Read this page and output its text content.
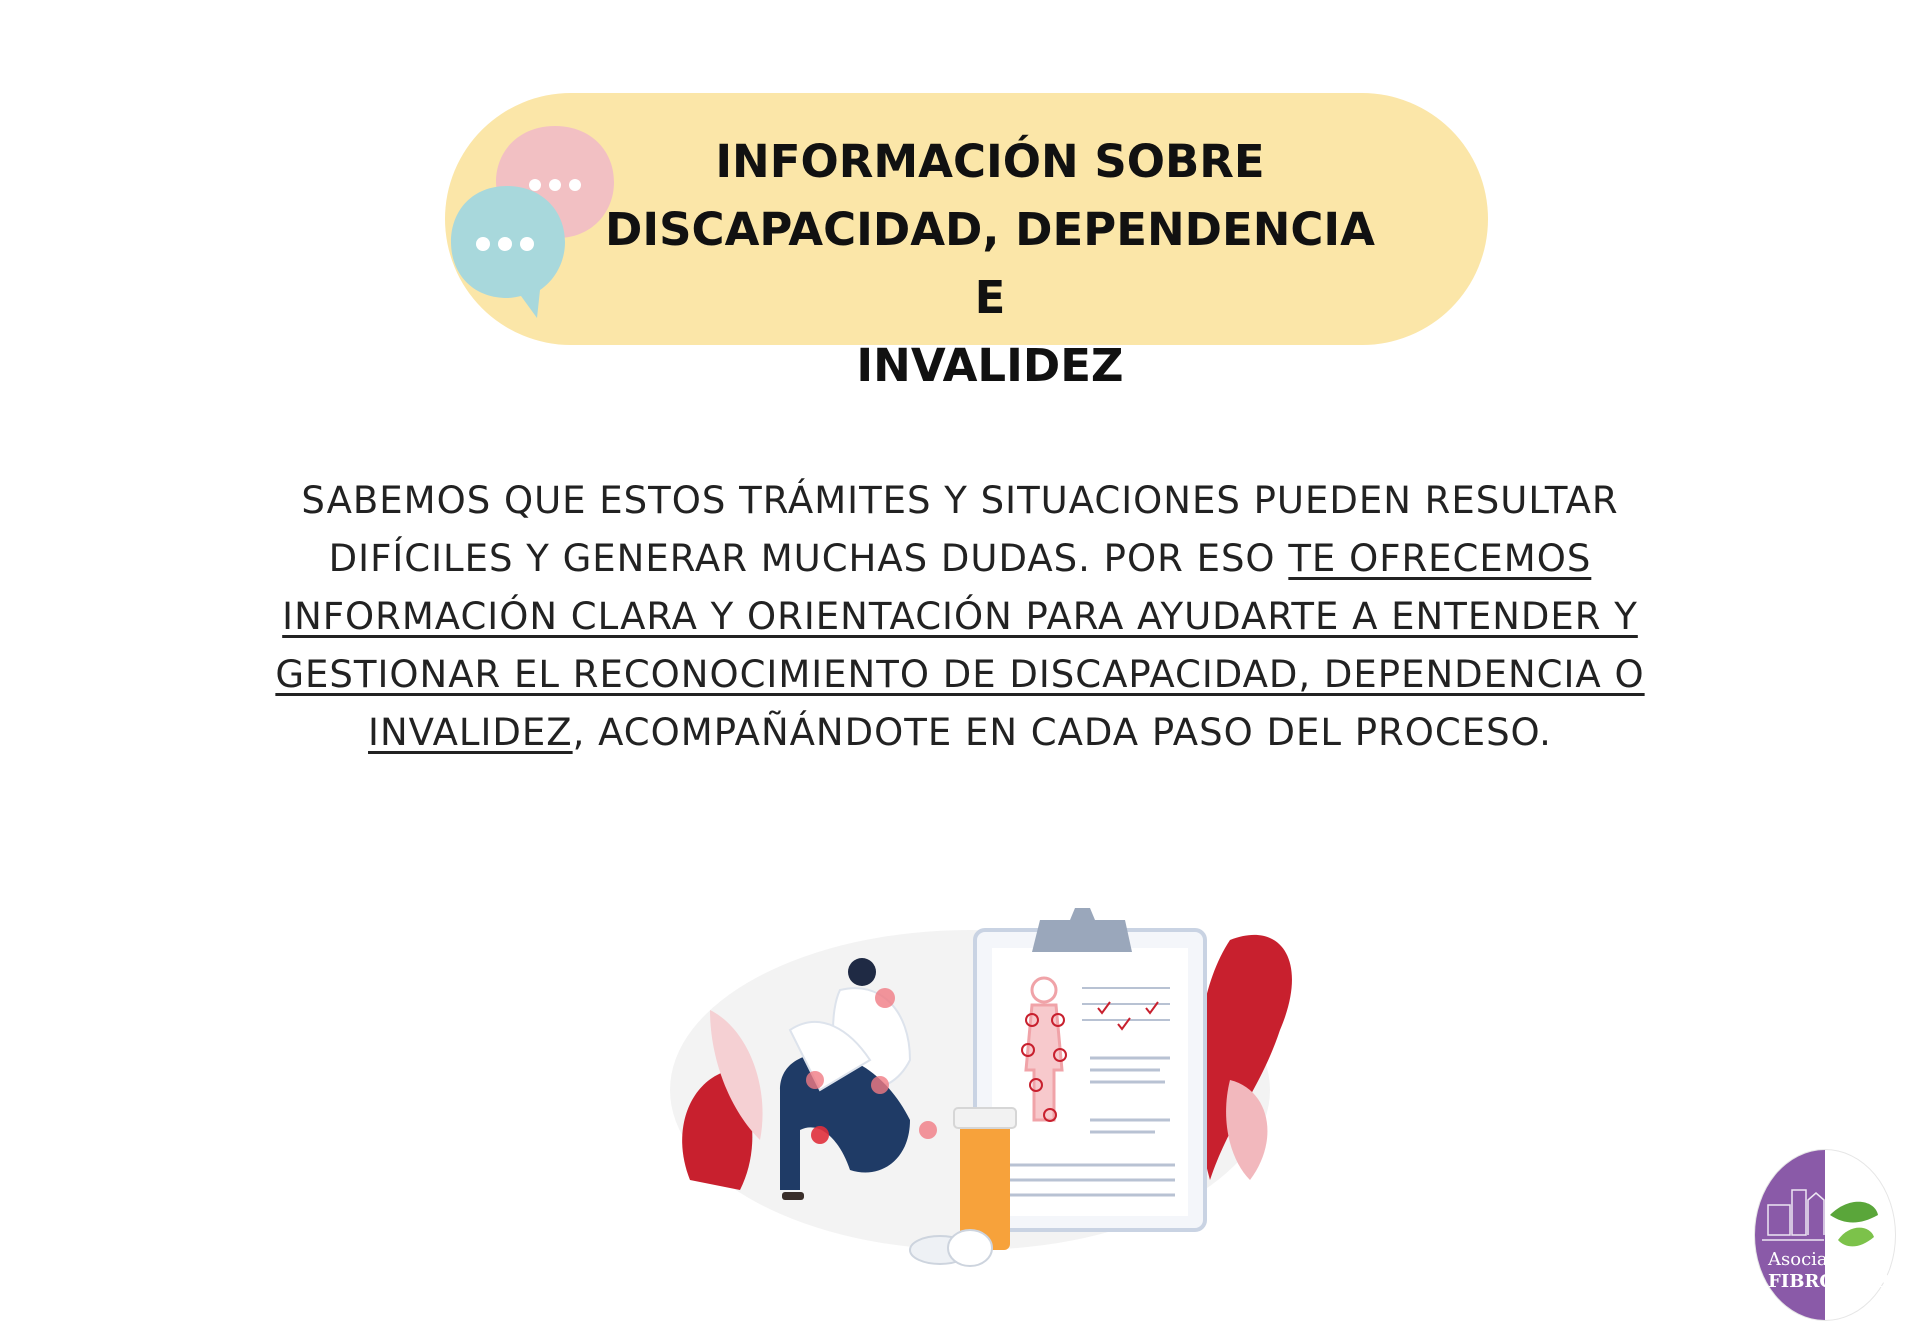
INFORMACIÓN SOBRE
DISCAPACIDAD, DEPENDENCIA E
INVALIDEZ

SABEMOS QUE ESTOS TRÁMITES Y SITUACIONES PUEDEN RESULTAR DIFÍCILES Y GENERAR MUCHAS DUDAS. POR ESO TE OFRECEMOS INFORMACIÓN CLARA Y ORIENTACIÓN PARA AYUDARTE A ENTENDER Y GESTIONAR EL RECONOCIMIENTO DE DISCAPACIDAD, DEPENDENCIA O INVALIDEZ, ACOMPAÑÁNDOTE EN CADA PASO DEL PROCESO.

Asociación
FIBROTLAR
